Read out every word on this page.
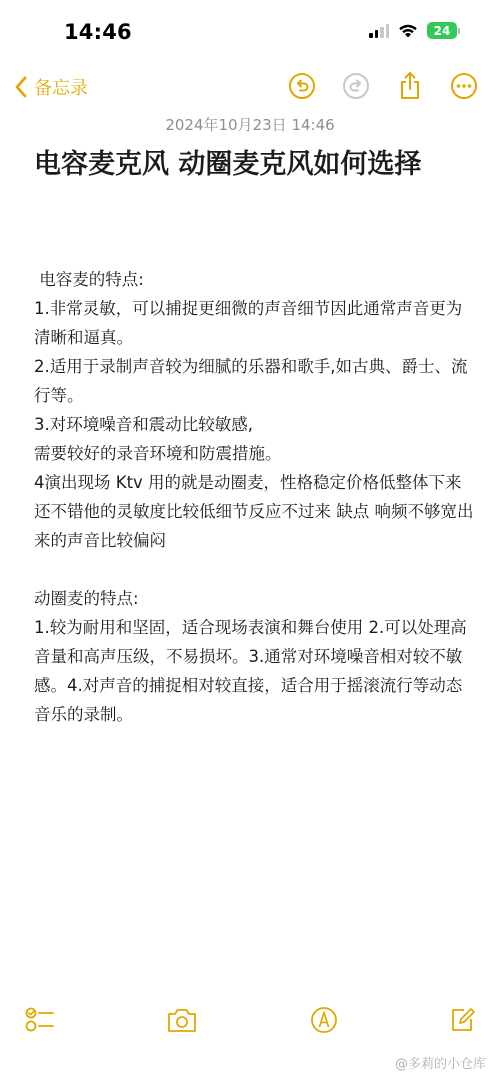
14:46	24
备忘录
2024年10月23日 14:46
电容麦克风 动圈麦克风如何选择

电容麦的特点:

1.非常灵敏，可以捕捉更细微的声音细节因此通常声音更为清晰和逼真。

2.适用于录制声音较为细腻的乐器和歌手,如古典、爵士、流行等。

3.对环境噪音和震动比较敏感,

需要较好的录音环境和防震措施。

4演出现场 Ktv 用的就是动圈麦，性格稳定价格低整体下来还不错他的灵敏度比较低细节反应不过来 缺点 响频不够宽出来的声音比较偏闷

动圈麦的特点:

1.较为耐用和坚固，适合现场表演和舞台使用 2.可以处理高音量和高声压级，不易损坏。3.通常对环境噪音相对较不敏感。4.对声音的捕捉相对较直接，适合用于摇滚流行等动态音乐的录制。

@多莉的小仓库
